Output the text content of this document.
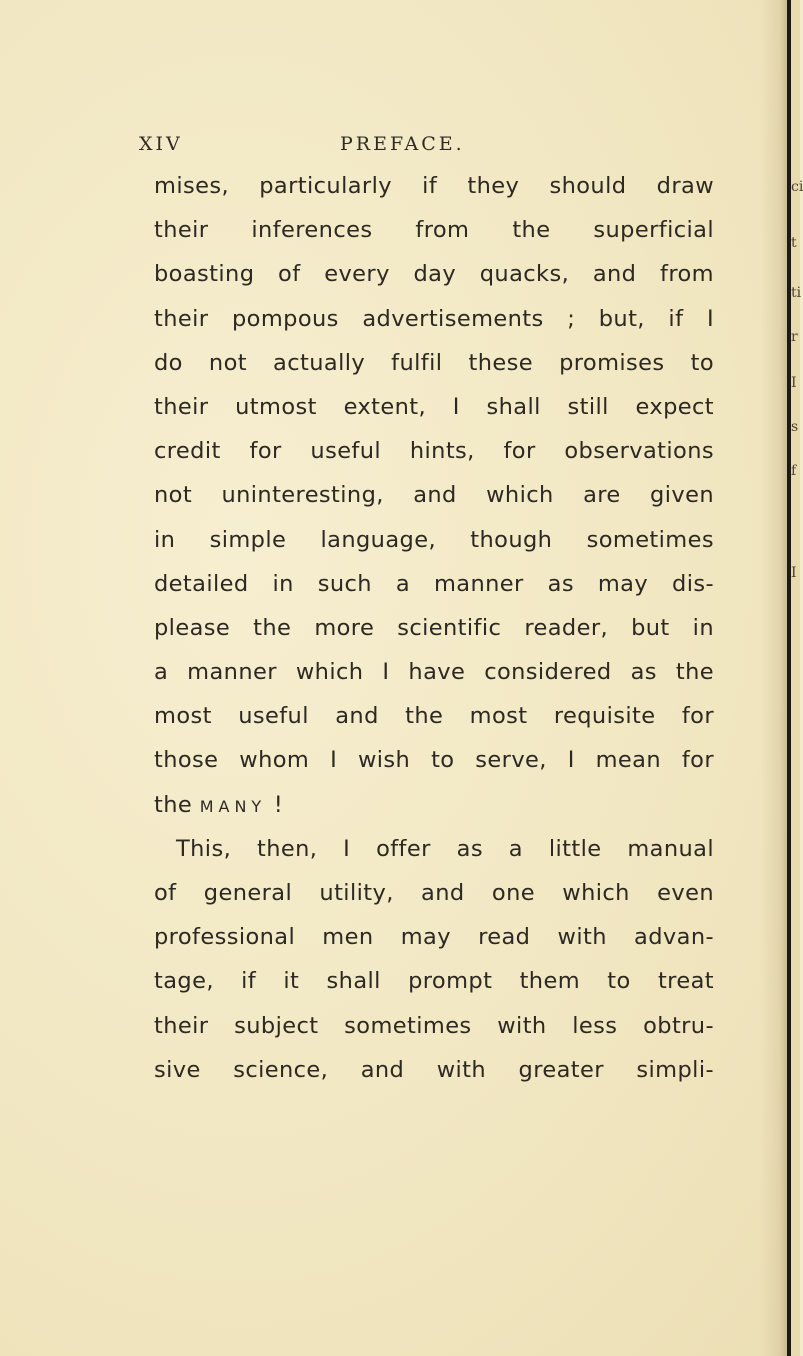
XIV	PREFACE.
mises, particularly if they should draw
their inferences from the superficial
boasting of every day quacks, and from
their pompous advertisements ; but, if I
do not actually fulfil these promises to
their utmost extent, I shall still expect
credit for useful hints, for observations
not uninteresting, and which are given
in simple language, though sometimes
detailed in such a manner as may dis-
please the more scientific reader, but in
a manner which I have considered as the
most useful and the most requisite for
those whom I wish to serve, I mean for
the MANY !
This, then, I offer as a little manual
of general utility, and one which even
professional men may read with advan-
tage, if it shall prompt them to treat
their subject sometimes with less obtru-
sive science, and with greater simpli-
ci
t
ti
r
I
s
f
I
